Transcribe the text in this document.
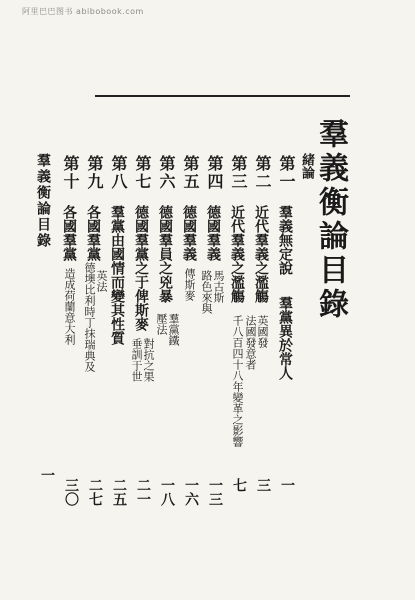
阿里巴巴图书 abibobook.com
羣義衡論目錄
緒論
第一
羣義無定說
羣黨異於常人
一
第二
近代羣義之濫觴
英國發
三
第三
近代羣義之濫觴
法國發意者
千八百四十八年變革之影響
七
第四
德國羣義
馬古斯
路色來與
一三
第五
德國羣義
傳斯麥
一六
第六
德國羣員之兇暴
羣黨鐵
壓法
一八
第七
德國羣黨之于俾斯麥
對抗之果
垂訓于世
二一
第八
羣黨由國情而變其性質
二五
第九
各國羣黨
英法
比利時丁抹瑞典及
德墺
二七
第十
各國羣黨
造成荷蘭意大利
三〇
羣義衡論目錄
一
